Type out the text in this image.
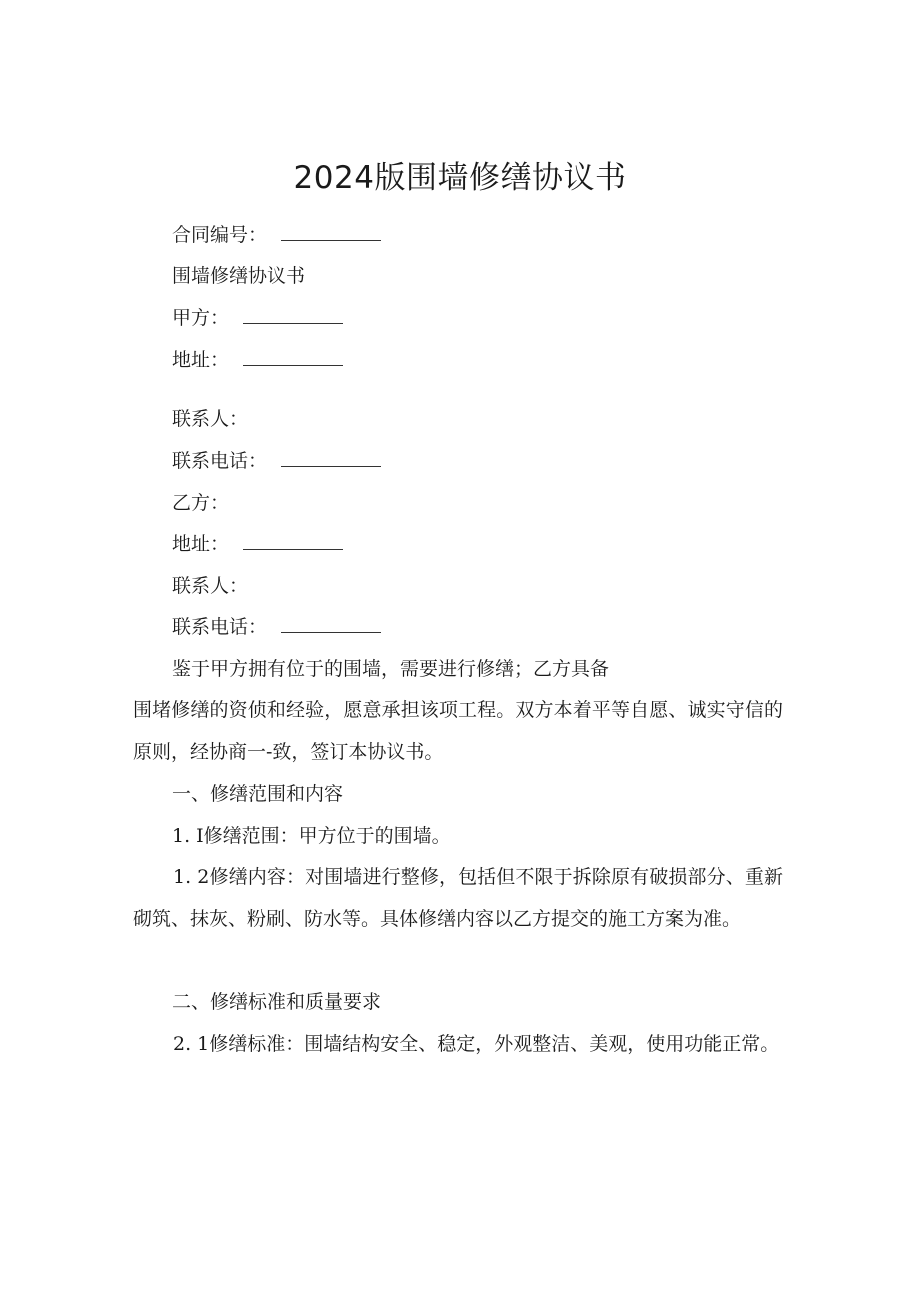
2024版围墙修缮协议书
合同编号：
围墙修缮协议书
甲方：
地址：
联系人：
联系电话：
乙方：
地址：
联系人：
联系电话：
鉴于甲方拥有位于的围墙，需要进行修缮；乙方具备
围堵修缮的资侦和经验，愿意承担该项工程。双方本着平等自愿、诚实守信的原则，经协商一-致，签订本协议书。
一、修缮范围和内容
1. I修缮范围：甲方位于的围墙。
1. 2修缮内容：对围墙进行整修，包括但不限于拆除原有破损部分、重新砌筑、抹灰、粉刷、防水等。具体修缮内容以乙方提交的施工方案为准。
二、修缮标准和质量要求
2. 1修缮标准：围墙结构安全、稳定，外观整洁、美观，使用功能正常。
